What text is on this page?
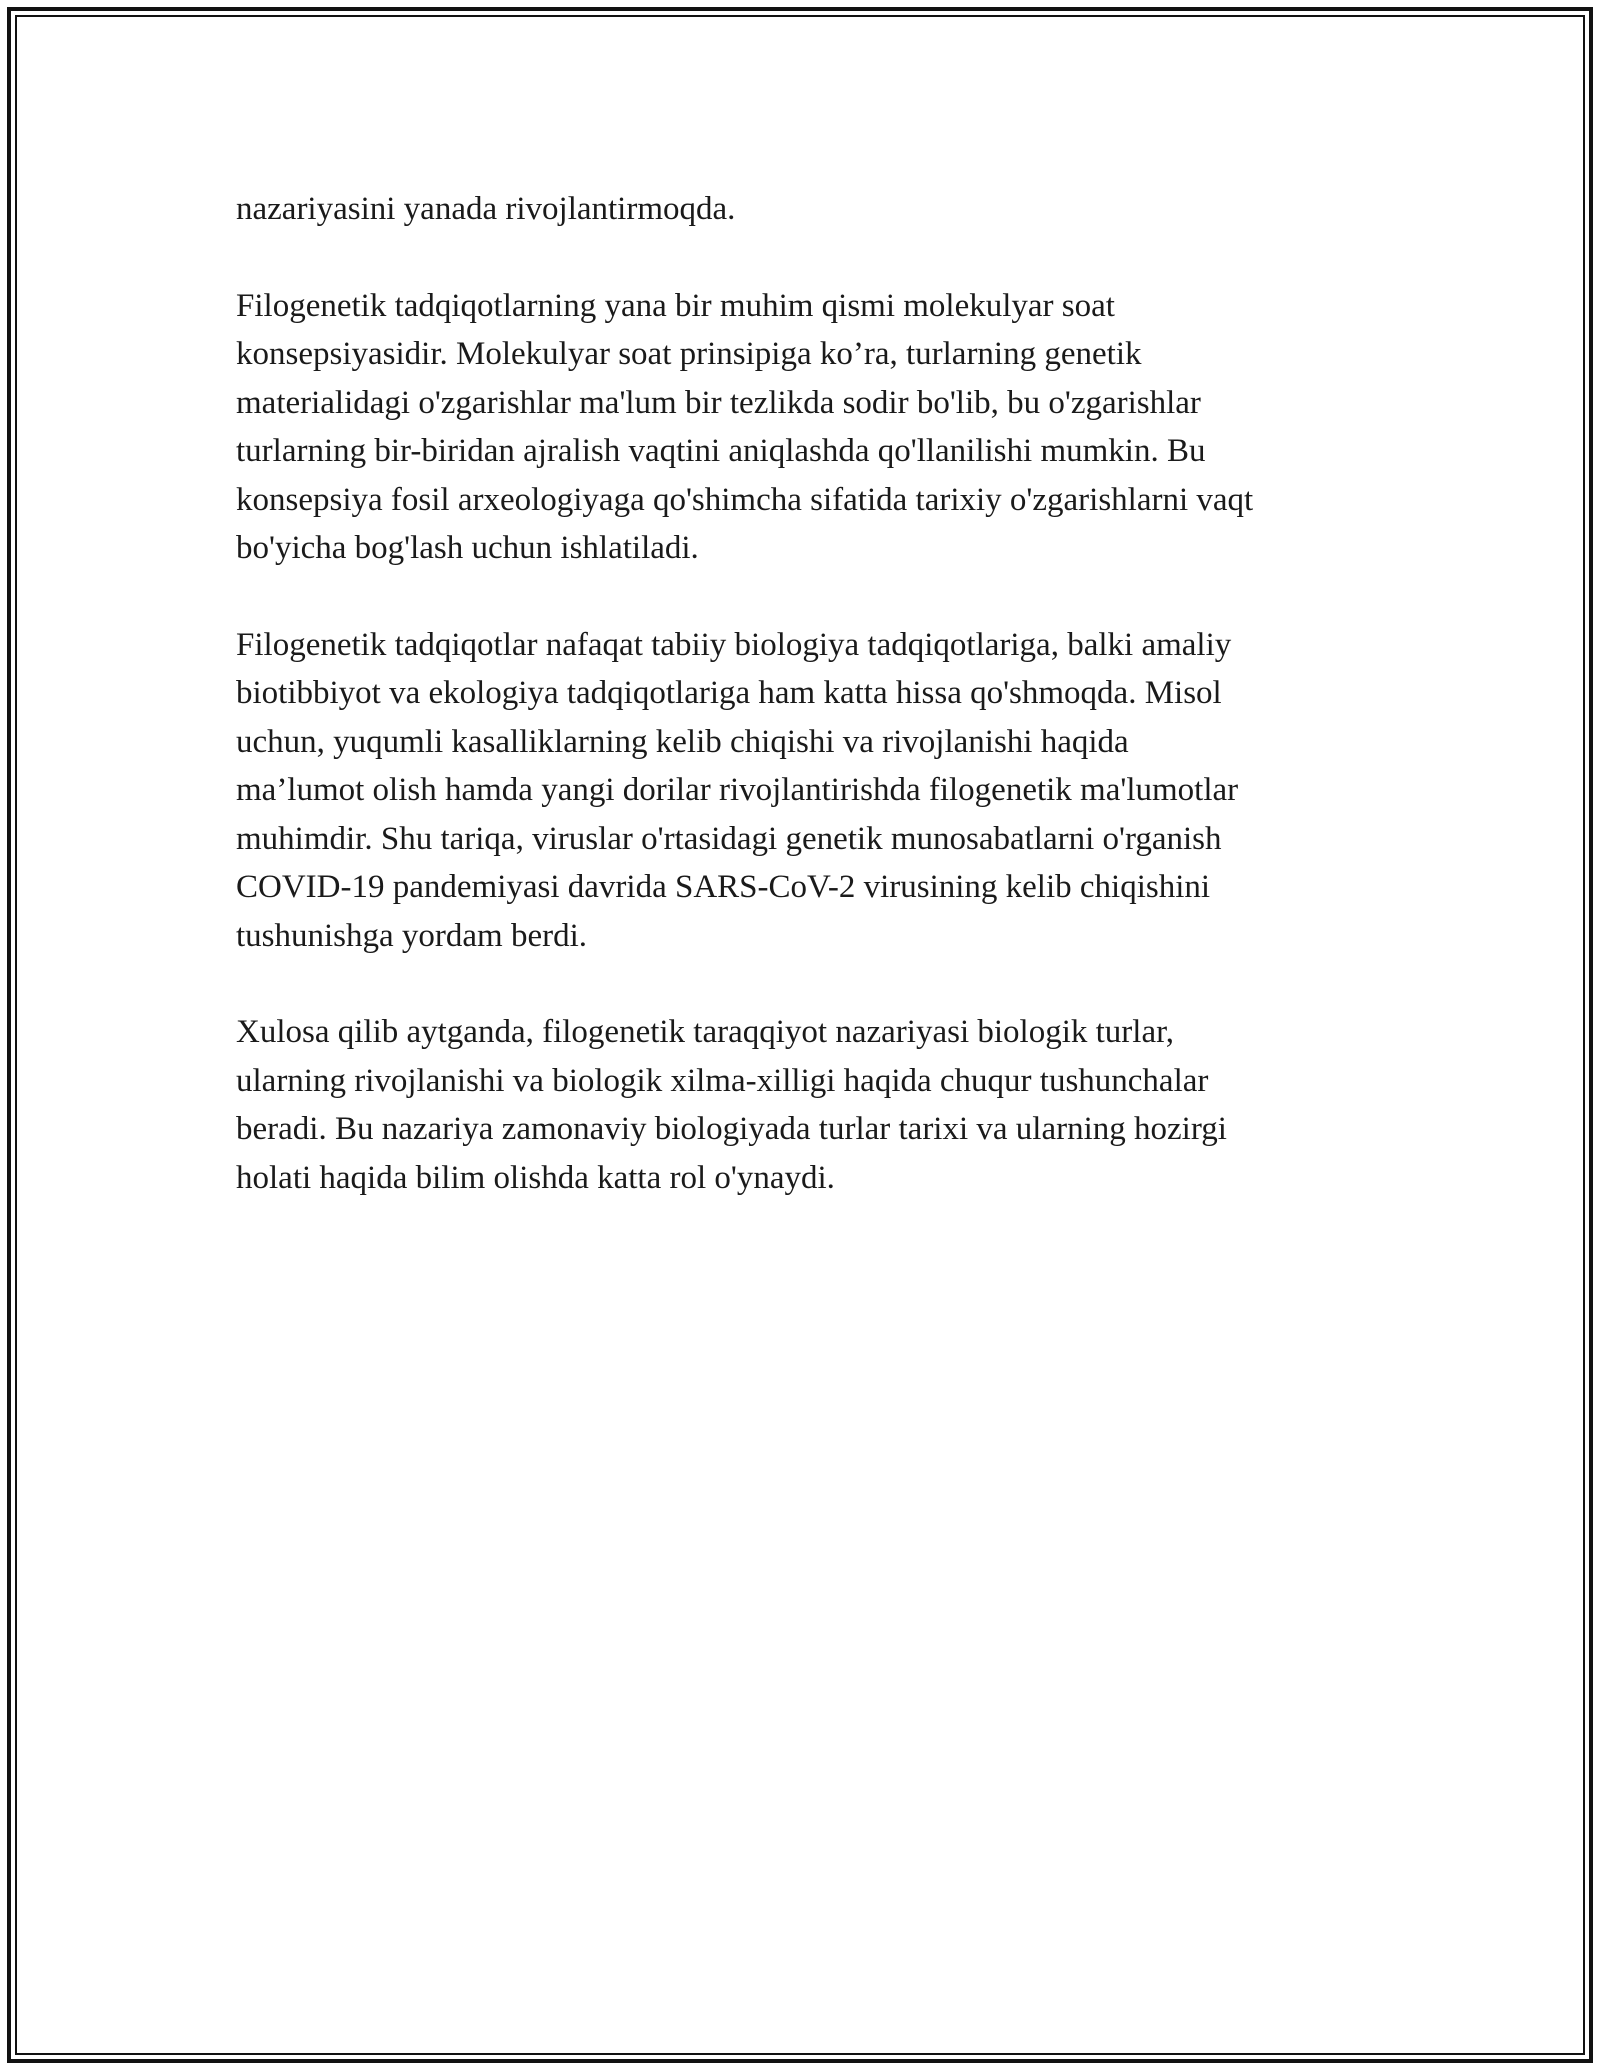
nazariyasini yanada rivojlantirmoqda.

Filogenetik tadqiqotlarning yana bir muhim qismi molekulyar soat
konsepsiyasidir. Molekulyar soat prinsipiga ko’ra, turlarning genetik
materialidagi o'zgarishlar ma'lum bir tezlikda sodir bo'lib, bu o'zgarishlar
turlarning bir-biridan ajralish vaqtini aniqlashda qo'llanilishi mumkin. Bu
konsepsiya fosil arxeologiyaga qo'shimcha sifatida tarixiy o'zgarishlarni vaqt
bo'yicha bog'lash uchun ishlatiladi.

Filogenetik tadqiqotlar nafaqat tabiiy biologiya tadqiqotlariga, balki amaliy
biotibbiyot va ekologiya tadqiqotlariga ham katta hissa qo'shmoqda. Misol
uchun, yuqumli kasalliklarning kelib chiqishi va rivojlanishi haqida
ma’lumot olish hamda yangi dorilar rivojlantirishda filogenetik ma'lumotlar
muhimdir. Shu tariqa, viruslar o'rtasidagi genetik munosabatlarni o'rganish
COVID-19 pandemiyasi davrida SARS-CoV-2 virusining kelib chiqishini
tushunishga yordam berdi.

Xulosa qilib aytganda, filogenetik taraqqiyot nazariyasi biologik turlar,
ularning rivojlanishi va biologik xilma-xilligi haqida chuqur tushunchalar
beradi. Bu nazariya zamonaviy biologiyada turlar tarixi va ularning hozirgi
holati haqida bilim olishda katta rol o'ynaydi.
